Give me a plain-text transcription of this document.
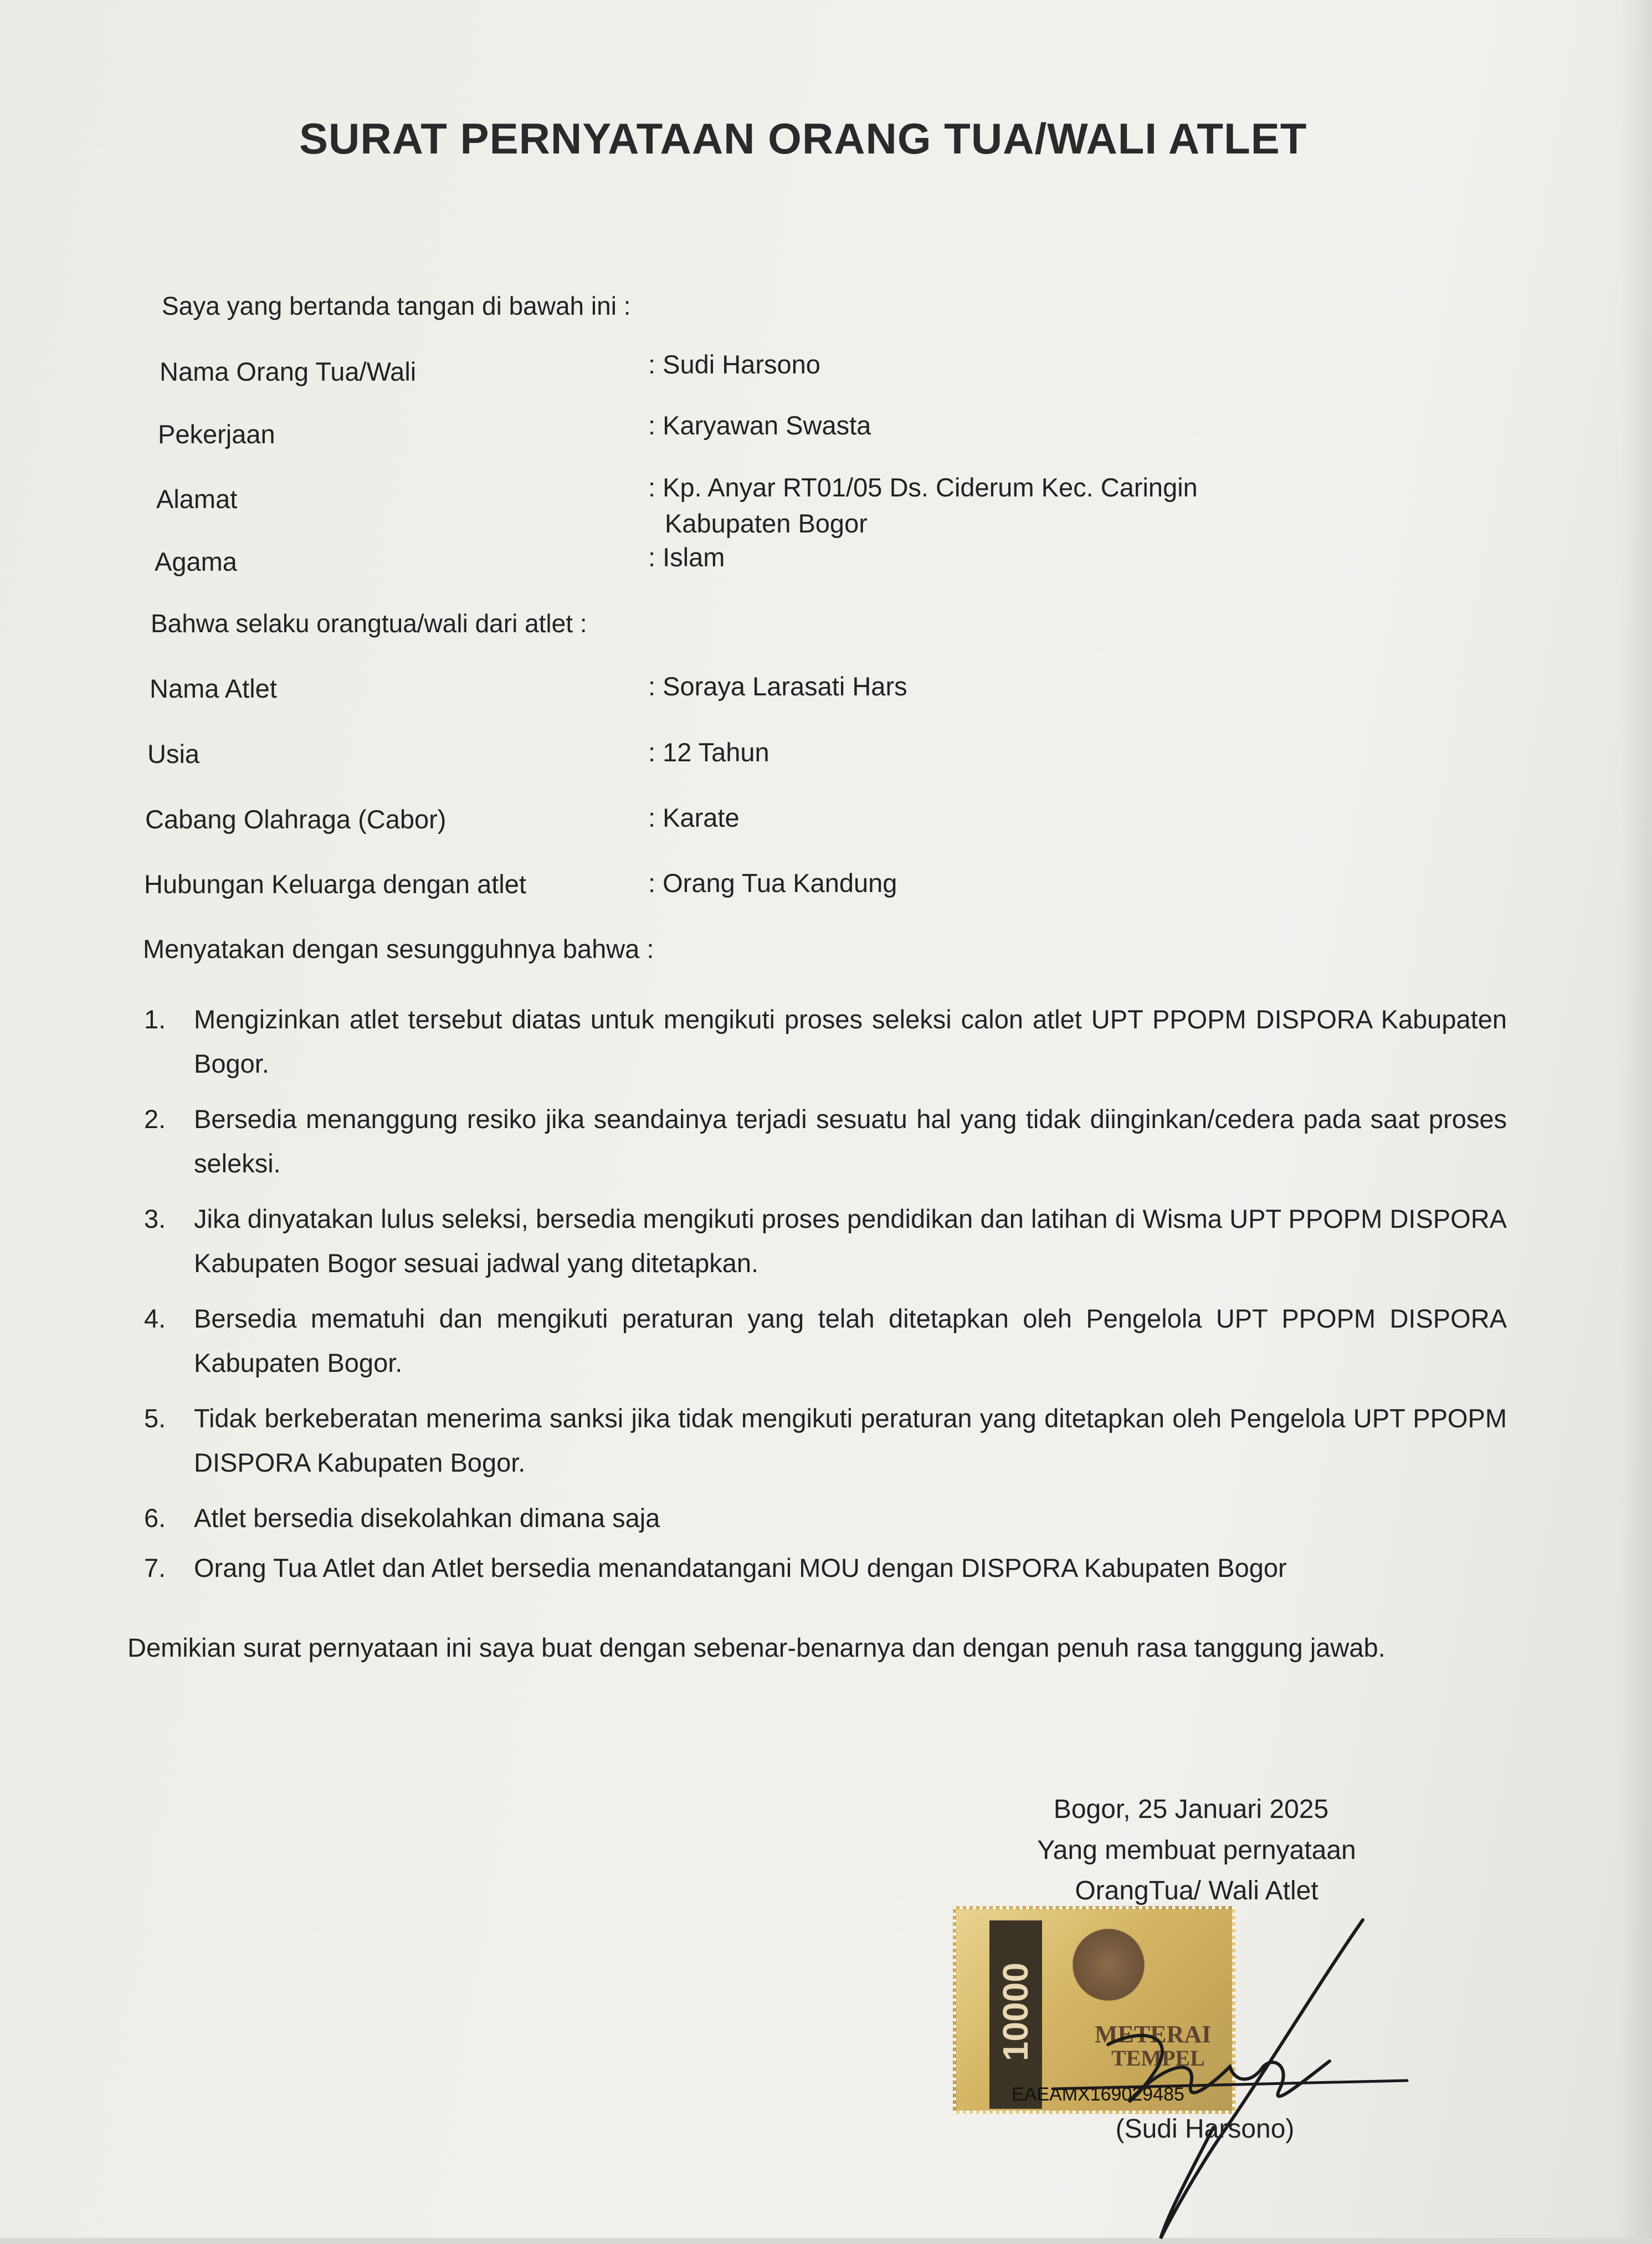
SURAT PERNYATAAN ORANG TUA/WALI ATLET
Saya yang bertanda tangan di bawah ini :
Nama Orang Tua/Wali	: Sudi Harsono
Pekerjaan	: Karyawan Swasta
Alamat	: Kp. Anyar RT01/05 Ds. Ciderum Kec. Caringin
Kabupaten Bogor
Agama	: Islam
Bahwa selaku orangtua/wali dari atlet :
Nama Atlet	: Soraya Larasati Hars
Usia	: 12 Tahun
Cabang Olahraga (Cabor)	: Karate
Hubungan Keluarga dengan atlet	: Orang Tua Kandung
Menyatakan dengan sesungguhnya bahwa :
1. Mengizinkan atlet tersebut diatas untuk mengikuti proses seleksi calon atlet UPT PPOPM DISPORA Kabupaten Bogor.
2. Bersedia menanggung resiko jika seandainya terjadi sesuatu hal yang tidak diinginkan/cedera pada saat proses seleksi.
3. Jika dinyatakan lulus seleksi, bersedia mengikuti proses pendidikan dan latihan di Wisma UPT PPOPM DISPORA Kabupaten Bogor sesuai jadwal yang ditetapkan.
4. Bersedia mematuhi dan mengikuti peraturan yang telah ditetapkan oleh Pengelola UPT PPOPM DISPORA Kabupaten Bogor.
5. Tidak berkeberatan menerima sanksi jika tidak mengikuti peraturan yang ditetapkan oleh Pengelola UPT PPOPM DISPORA Kabupaten Bogor.
6. Atlet bersedia disekolahkan dimana saja
7. Orang Tua Atlet dan Atlet bersedia menandatangani MOU dengan DISPORA Kabupaten Bogor
Demikian surat pernyataan ini saya buat dengan sebenar-benarnya dan dengan penuh rasa tanggung jawab.
Bogor, 25 Januari 2025
Yang membuat pernyataan
OrangTua/ Wali Atlet
10000 METERAI
TEMPEL
EAEAMX169029485
(Sudi Harsono)
